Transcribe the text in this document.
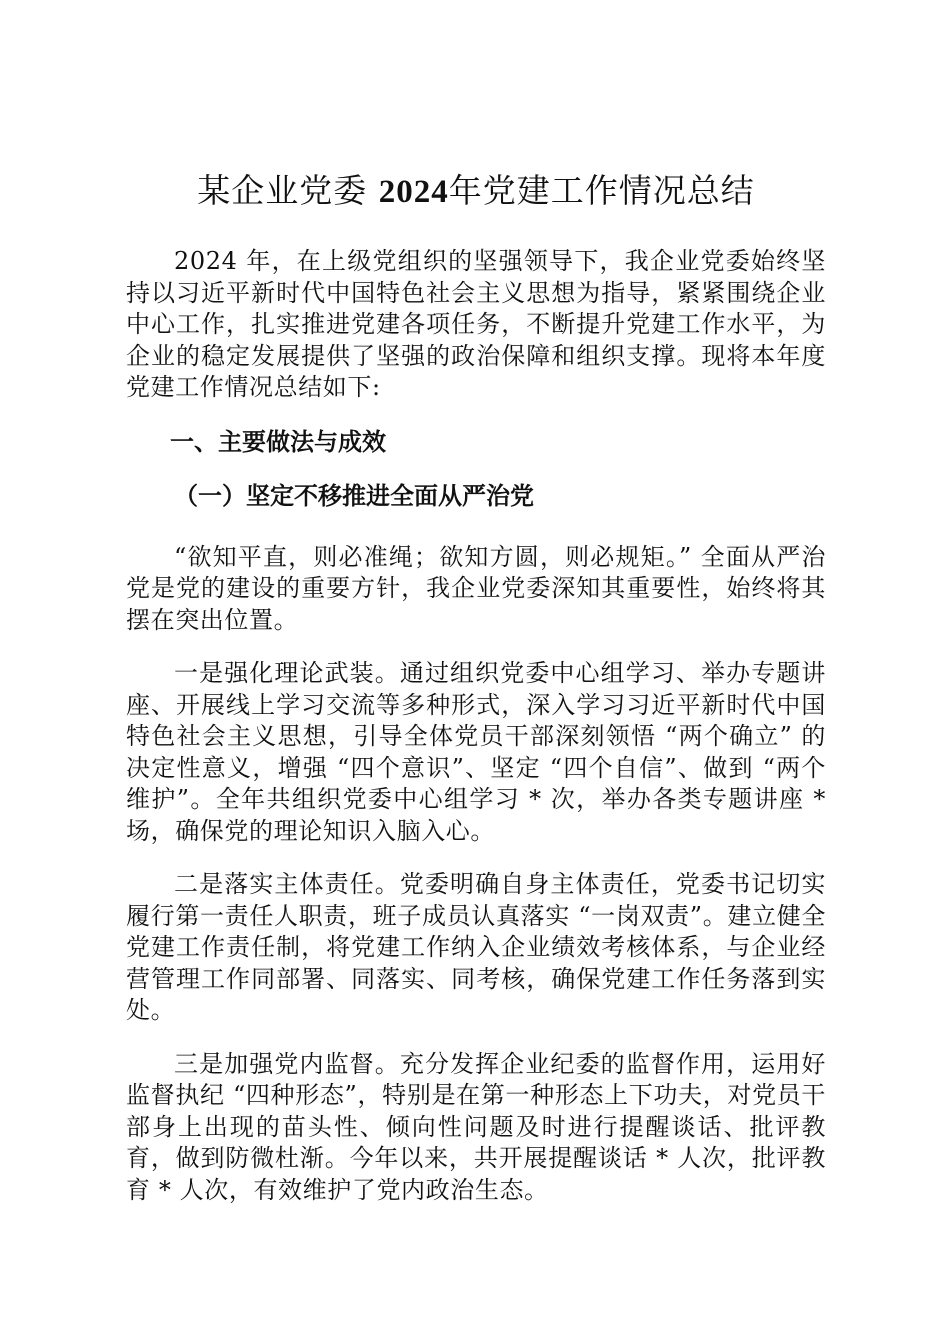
某企业党委 2024年党建工作情况总结

2024 年，在上级党组织的坚强领导下，我企业党委始终坚持以习近平新时代中国特色社会主义思想为指导，紧紧围绕企业中心工作，扎实推进党建各项任务，不断提升党建工作水平，为企业的稳定发展提供了坚强的政治保障和组织支撑。现将本年度党建工作情况总结如下:

一、主要做法与成效
（一）坚定不移推进全面从严治党

“欲知平直，则必准绳；欲知方圆，则必规矩。” 全面从严治党是党的建设的重要方针，我企业党委深知其重要性，始终将其摆在突出位置。

一是强化理论武装。通过组织党委中心组学习、举办专题讲座、开展线上学习交流等多种形式，深入学习习近平新时代中国特色社会主义思想，引导全体党员干部深刻领悟 “两个确立” 的决定性意义，增强 “四个意识”、坚定 “四个自信”、做到 “两个维护”。全年共组织党委中心组学习 * 次，举办各类专题讲座 * 场，确保党的理论知识入脑入心。

二是落实主体责任。党委明确自身主体责任，党委书记切实履行第一责任人职责，班子成员认真落实 “一岗双责”。建立健全党建工作责任制，将党建工作纳入企业绩效考核体系，与企业经营管理工作同部署、同落实、同考核，确保党建工作任务落到实处。

三是加强党内监督。充分发挥企业纪委的监督作用，运用好监督执纪 “四种形态”，特别是在第一种形态上下功夫，对党员干部身上出现的苗头性、倾向性问题及时进行提醒谈话、批评教育，做到防微杜渐。今年以来，共开展提醒谈话 * 人次，批评教育 * 人次，有效维护了党内政治生态。
